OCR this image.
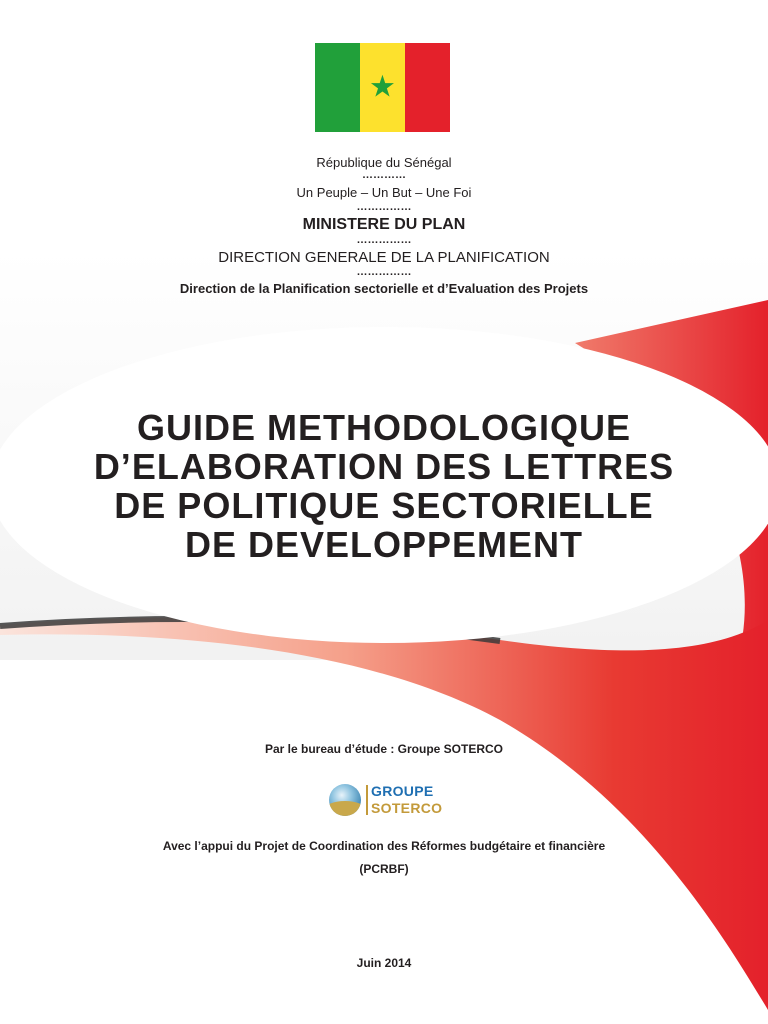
★
République du Sénégal
…………
Un Peuple – Un But – Une Foi
……………
MINISTERE DU PLAN
……………
DIRECTION GENERALE DE LA PLANIFICATION
……………
Direction de la Planification sectorielle et d’Evaluation des Projets
GUIDE METHODOLOGIQUE
D’ELABORATION DES LETTRES
DE POLITIQUE SECTORIELLE
DE DEVELOPPEMENT
Par le bureau d’étude : Groupe SOTERCO
GROUPE
SOTERCO
Avec l’appui du Projet de Coordination des Réformes budgétaire et financière
(PCRBF)
Juin 2014
